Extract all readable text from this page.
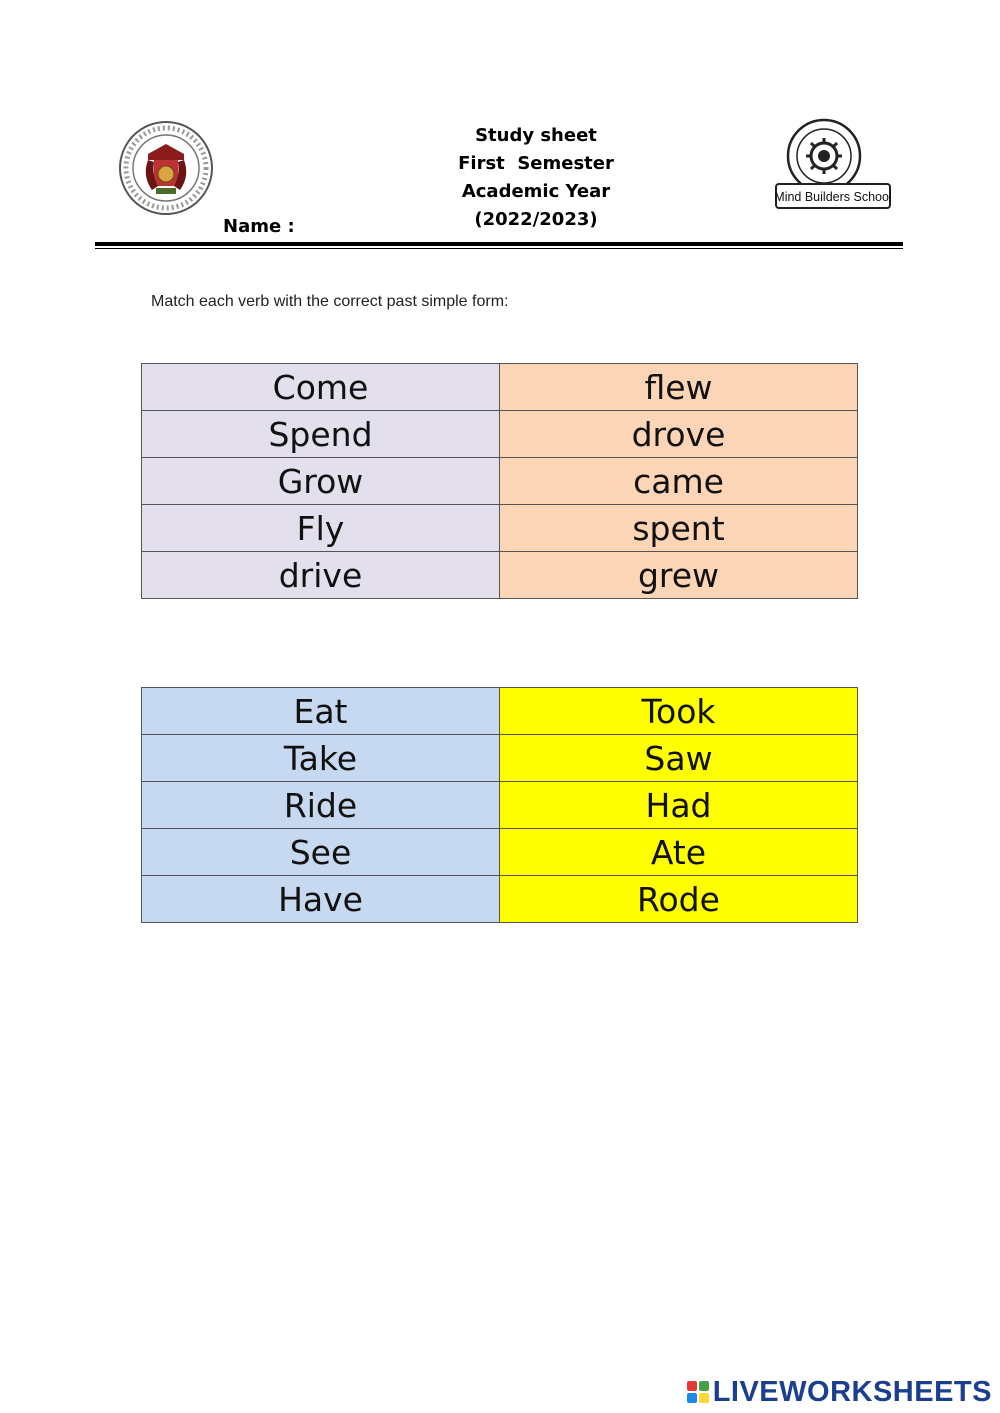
Study sheet
First  Semester
Academic Year (2022/2023)
Mind Builders School
Name :
Match each verb with the correct past simple form:
Come	flew
Spend	drove
Grow	came
Fly	spent
drive	grew
Eat	Took
Take	Saw
Ride	Had
See	Ate
Have	Rode
LIVEWORKSHEETS
